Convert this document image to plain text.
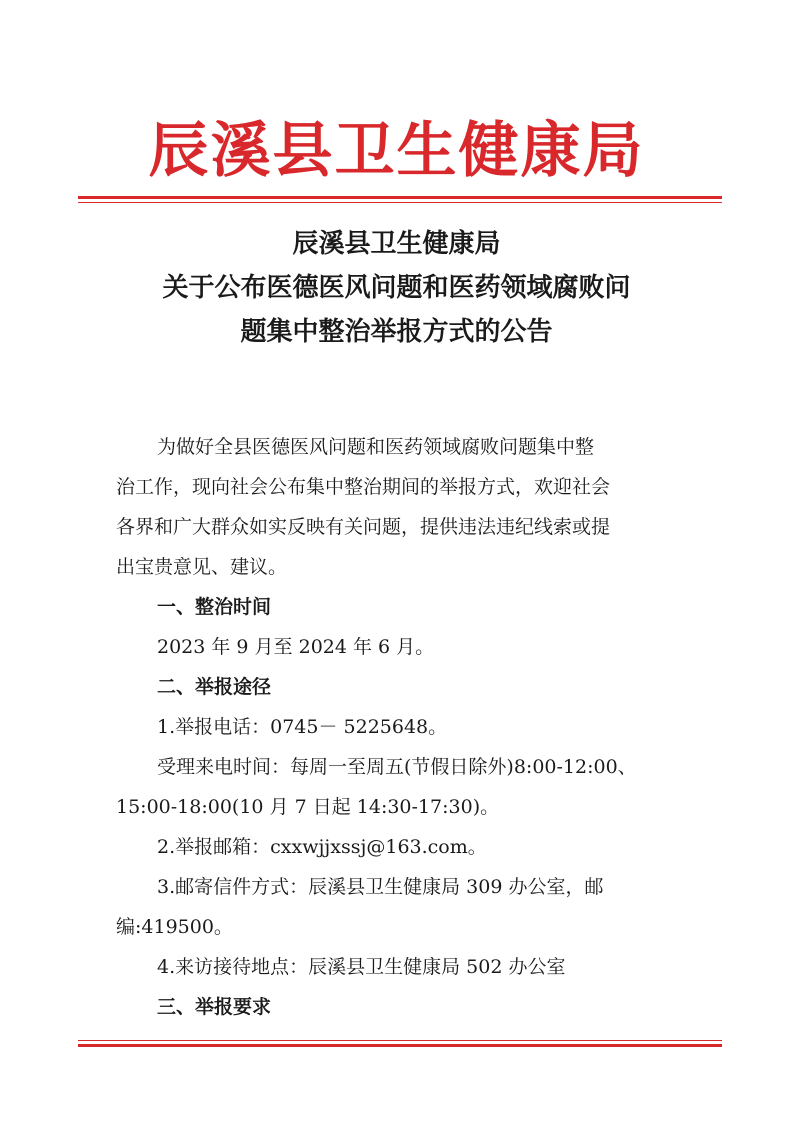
辰溪县卫生健康局
辰溪县卫生健康局
关于公布医德医风问题和医药领域腐败问
题集中整治举报方式的公告
为做好全县医德医风问题和医药领域腐败问题集中整
治工作，现向社会公布集中整治期间的举报方式，欢迎社会
各界和广大群众如实反映有关问题，提供违法违纪线索或提
出宝贵意见、建议。
一、整治时间
2023 年 9 月至 2024 年 6 月。
二、举报途径
1.举报电话：0745－ 5225648。
受理来电时间：每周一至周五(节假日除外)8:00-12:00、
15:00-18:00(10 月 7 日起 14:30-17:30)。
2.举报邮箱：cxxwjjxssj@163.com。
3.邮寄信件方式：辰溪县卫生健康局 309 办公室，邮
编:419500。
4.来访接待地点：辰溪县卫生健康局 502 办公室
三、举报要求
